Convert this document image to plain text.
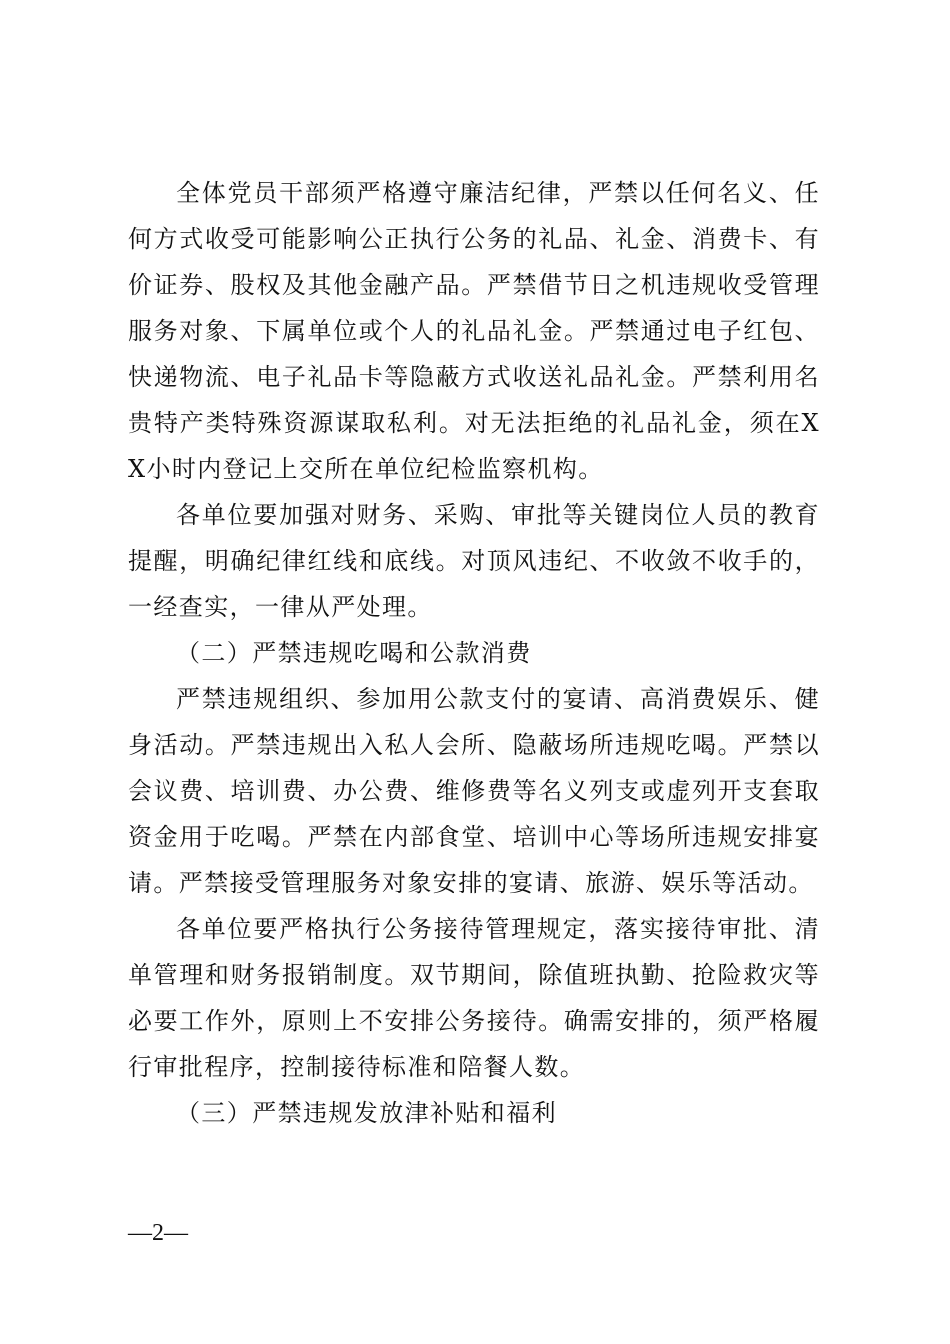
全体党员干部须严格遵守廉洁纪律，严禁以任何名义、任何方式收受可能影响公正执行公务的礼品、礼金、消费卡、有价证券、股权及其他金融产品。严禁借节日之机违规收受管理服务对象、下属单位或个人的礼品礼金。严禁通过电子红包、快递物流、电子礼品卡等隐蔽方式收送礼品礼金。严禁利用名贵特产类特殊资源谋取私利。对无法拒绝的礼品礼金，须在XX小时内登记上交所在单位纪检监察机构。

各单位要加强对财务、采购、审批等关键岗位人员的教育提醒，明确纪律红线和底线。对顶风违纪、不收敛不收手的，一经查实，一律从严处理。

（二）严禁违规吃喝和公款消费

严禁违规组织、参加用公款支付的宴请、高消费娱乐、健身活动。严禁违规出入私人会所、隐蔽场所违规吃喝。严禁以会议费、培训费、办公费、维修费等名义列支或虚列开支套取资金用于吃喝。严禁在内部食堂、培训中心等场所违规安排宴请。严禁接受管理服务对象安排的宴请、旅游、娱乐等活动。

各单位要严格执行公务接待管理规定，落实接待审批、清单管理和财务报销制度。双节期间，除值班执勤、抢险救灾等必要工作外，原则上不安排公务接待。确需安排的，须严格履行审批程序，控制接待标准和陪餐人数。

（三）严禁违规发放津补贴和福利

—2—
